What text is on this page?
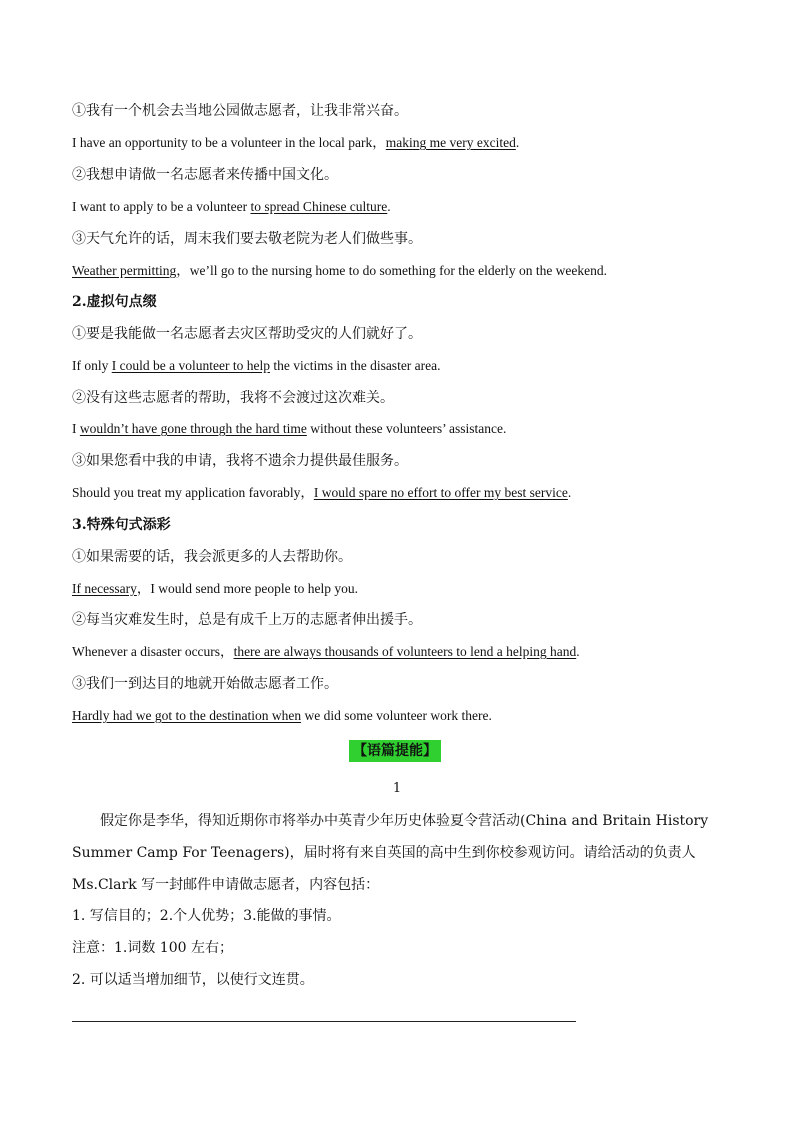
①我有一个机会去当地公园做志愿者，让我非常兴奋。
I have an opportunity to be a volunteer in the local park，making me very excited.
②我想申请做一名志愿者来传播中国文化。
I want to apply to be a volunteer to spread Chinese culture.
③天气允许的话，周末我们要去敬老院为老人们做些事。
Weather permitting，we’ll go to the nursing home to do something for the elderly on the weekend.
2.虚拟句点缀
①要是我能做一名志愿者去灾区帮助受灾的人们就好了。
If only I could be a volunteer to help the victims in the disaster area.
②没有这些志愿者的帮助，我将不会渡过这次难关。
I wouldn’t have gone through the hard time without these volunteers’ assistance.
③如果您看中我的申请，我将不遗余力提供最佳服务。
Should you treat my application favorably，I would spare no effort to offer my best service.
3.特殊句式添彩
①如果需要的话，我会派更多的人去帮助你。
If necessary，I would send more people to help you.
②每当灾难发生时，总是有成千上万的志愿者伸出援手。
Whenever a disaster occurs，there are always thousands of volunteers to lend a helping hand.
③我们一到达目的地就开始做志愿者工作。
Hardly had we got to the destination when we did some volunteer work there.
【语篇提能】
1
假定你是李华，得知近期你市将举办中英青少年历史体验夏令营活动(China and Britain History Summer Camp For Teenagers)，届时将有来自英国的高中生到你校参观访问。请给活动的负责人 Ms.Clark 写一封邮件申请做志愿者，内容包括：
1. 写信目的；2.个人优势；3.能做的事情。
注意：1.词数 100 左右；
2. 可以适当增加细节，以使行文连贯。
